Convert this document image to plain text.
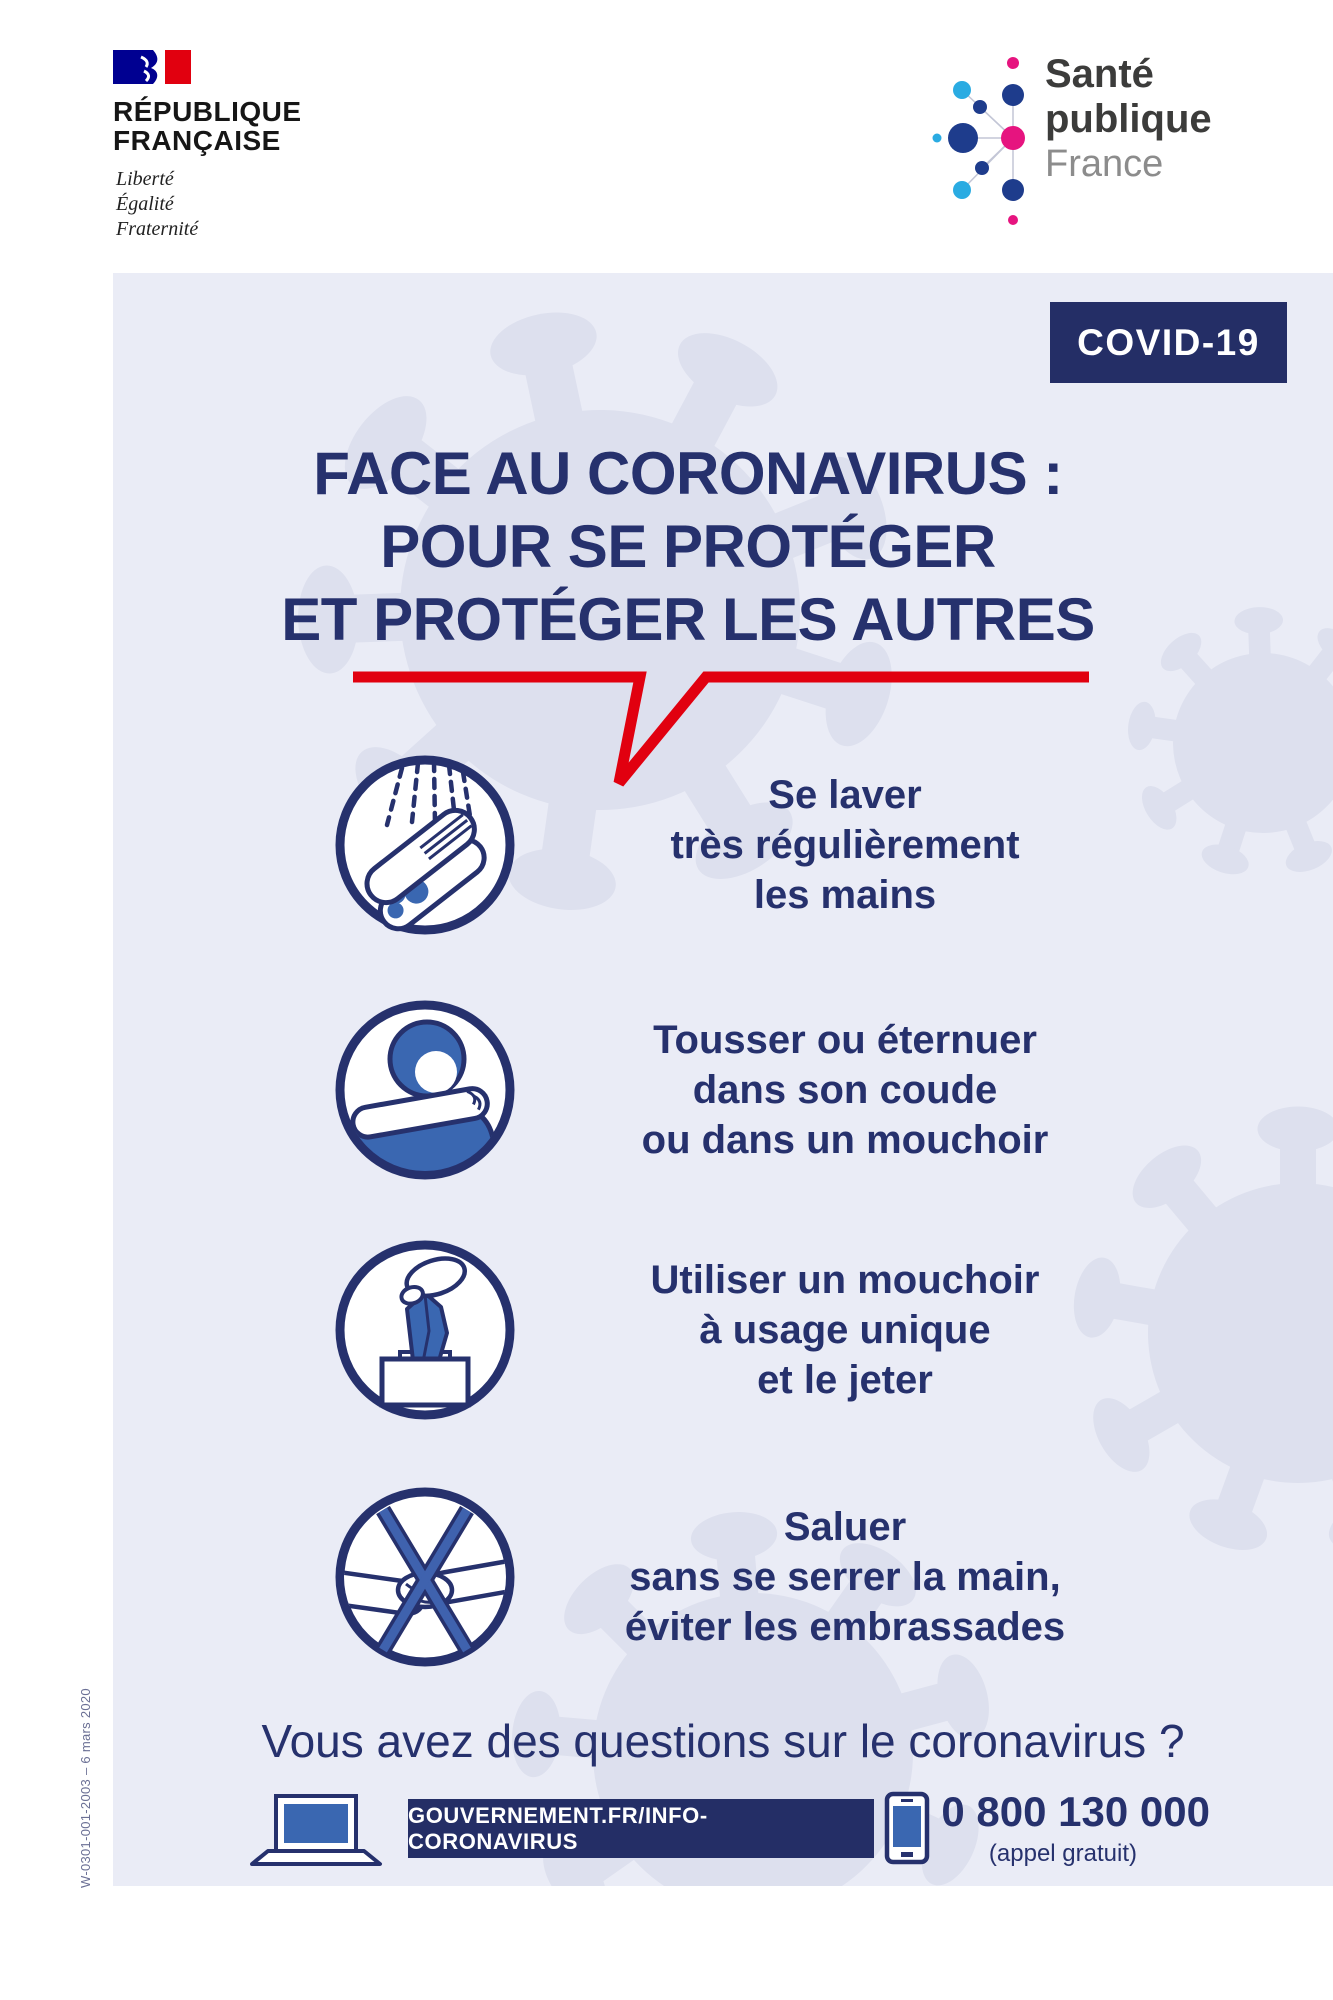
RÉPUBLIQUE
FRANÇAISE
Liberté
Égalité
Fraternité
Santé
publique
France
COVID-19
FACE AU CORONAVIRUS :
POUR SE PROTÉGER
ET PROTÉGER LES AUTRES
Se laver
très régulièrement
les mains
Tousser ou éternuer
dans son coude
ou dans un mouchoir
Utiliser un mouchoir
à usage unique
et le jeter
Saluer
sans se serrer la main,
éviter les embrassades
Vous avez des questions sur le coronavirus ?
GOUVERNEMENT.FR/INFO-CORONAVIRUS
0 800 130 000
(appel gratuit)
W-0301-001-2003 – 6 mars 2020
